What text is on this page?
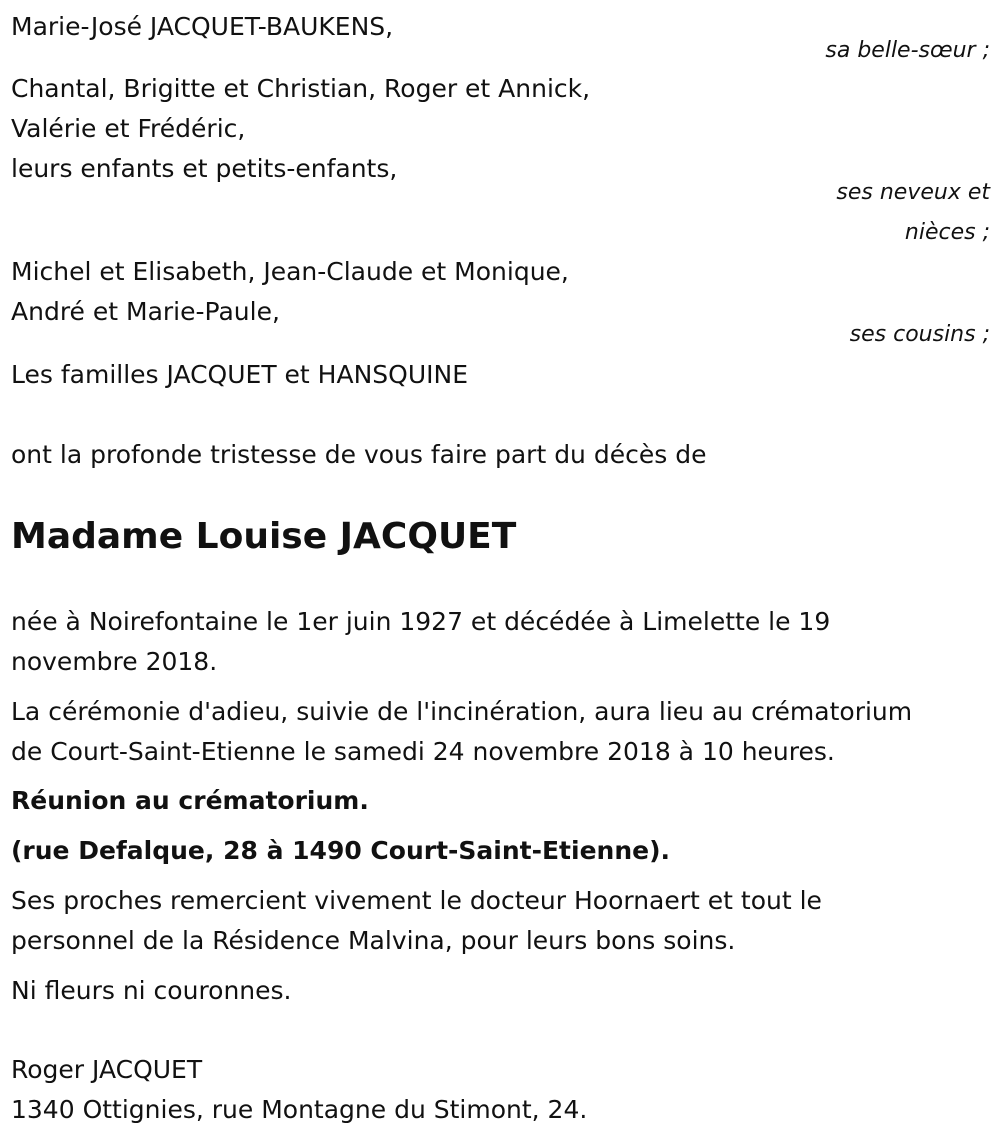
Marie-José JACQUET-BAUKENS,
sa belle-sœur ;
Chantal, Brigitte et Christian, Roger et Annick,
Valérie et Frédéric,
leurs enfants et petits-enfants,
ses neveux et
nièces ;
Michel et Elisabeth, Jean-Claude et Monique,
André et Marie-Paule,
ses cousins ;
Les familles JACQUET et HANSQUINE
ont la profonde tristesse de vous faire part du décès de
Madame Louise JACQUET
née à Noirefontaine le 1er juin 1927 et décédée à Limelette le 19
novembre 2018.
La cérémonie d'adieu, suivie de l'incinération, aura lieu au crématorium
de Court-Saint-Etienne le samedi 24 novembre 2018 à 10 heures.
Réunion au crématorium.
(rue Defalque, 28 à 1490 Court-Saint-Etienne).
Ses proches remercient vivement le docteur Hoornaert et tout le
personnel de la Résidence Malvina, pour leurs bons soins.
Ni fleurs ni couronnes.
Roger JACQUET
1340 Ottignies, rue Montagne du Stimont, 24.
